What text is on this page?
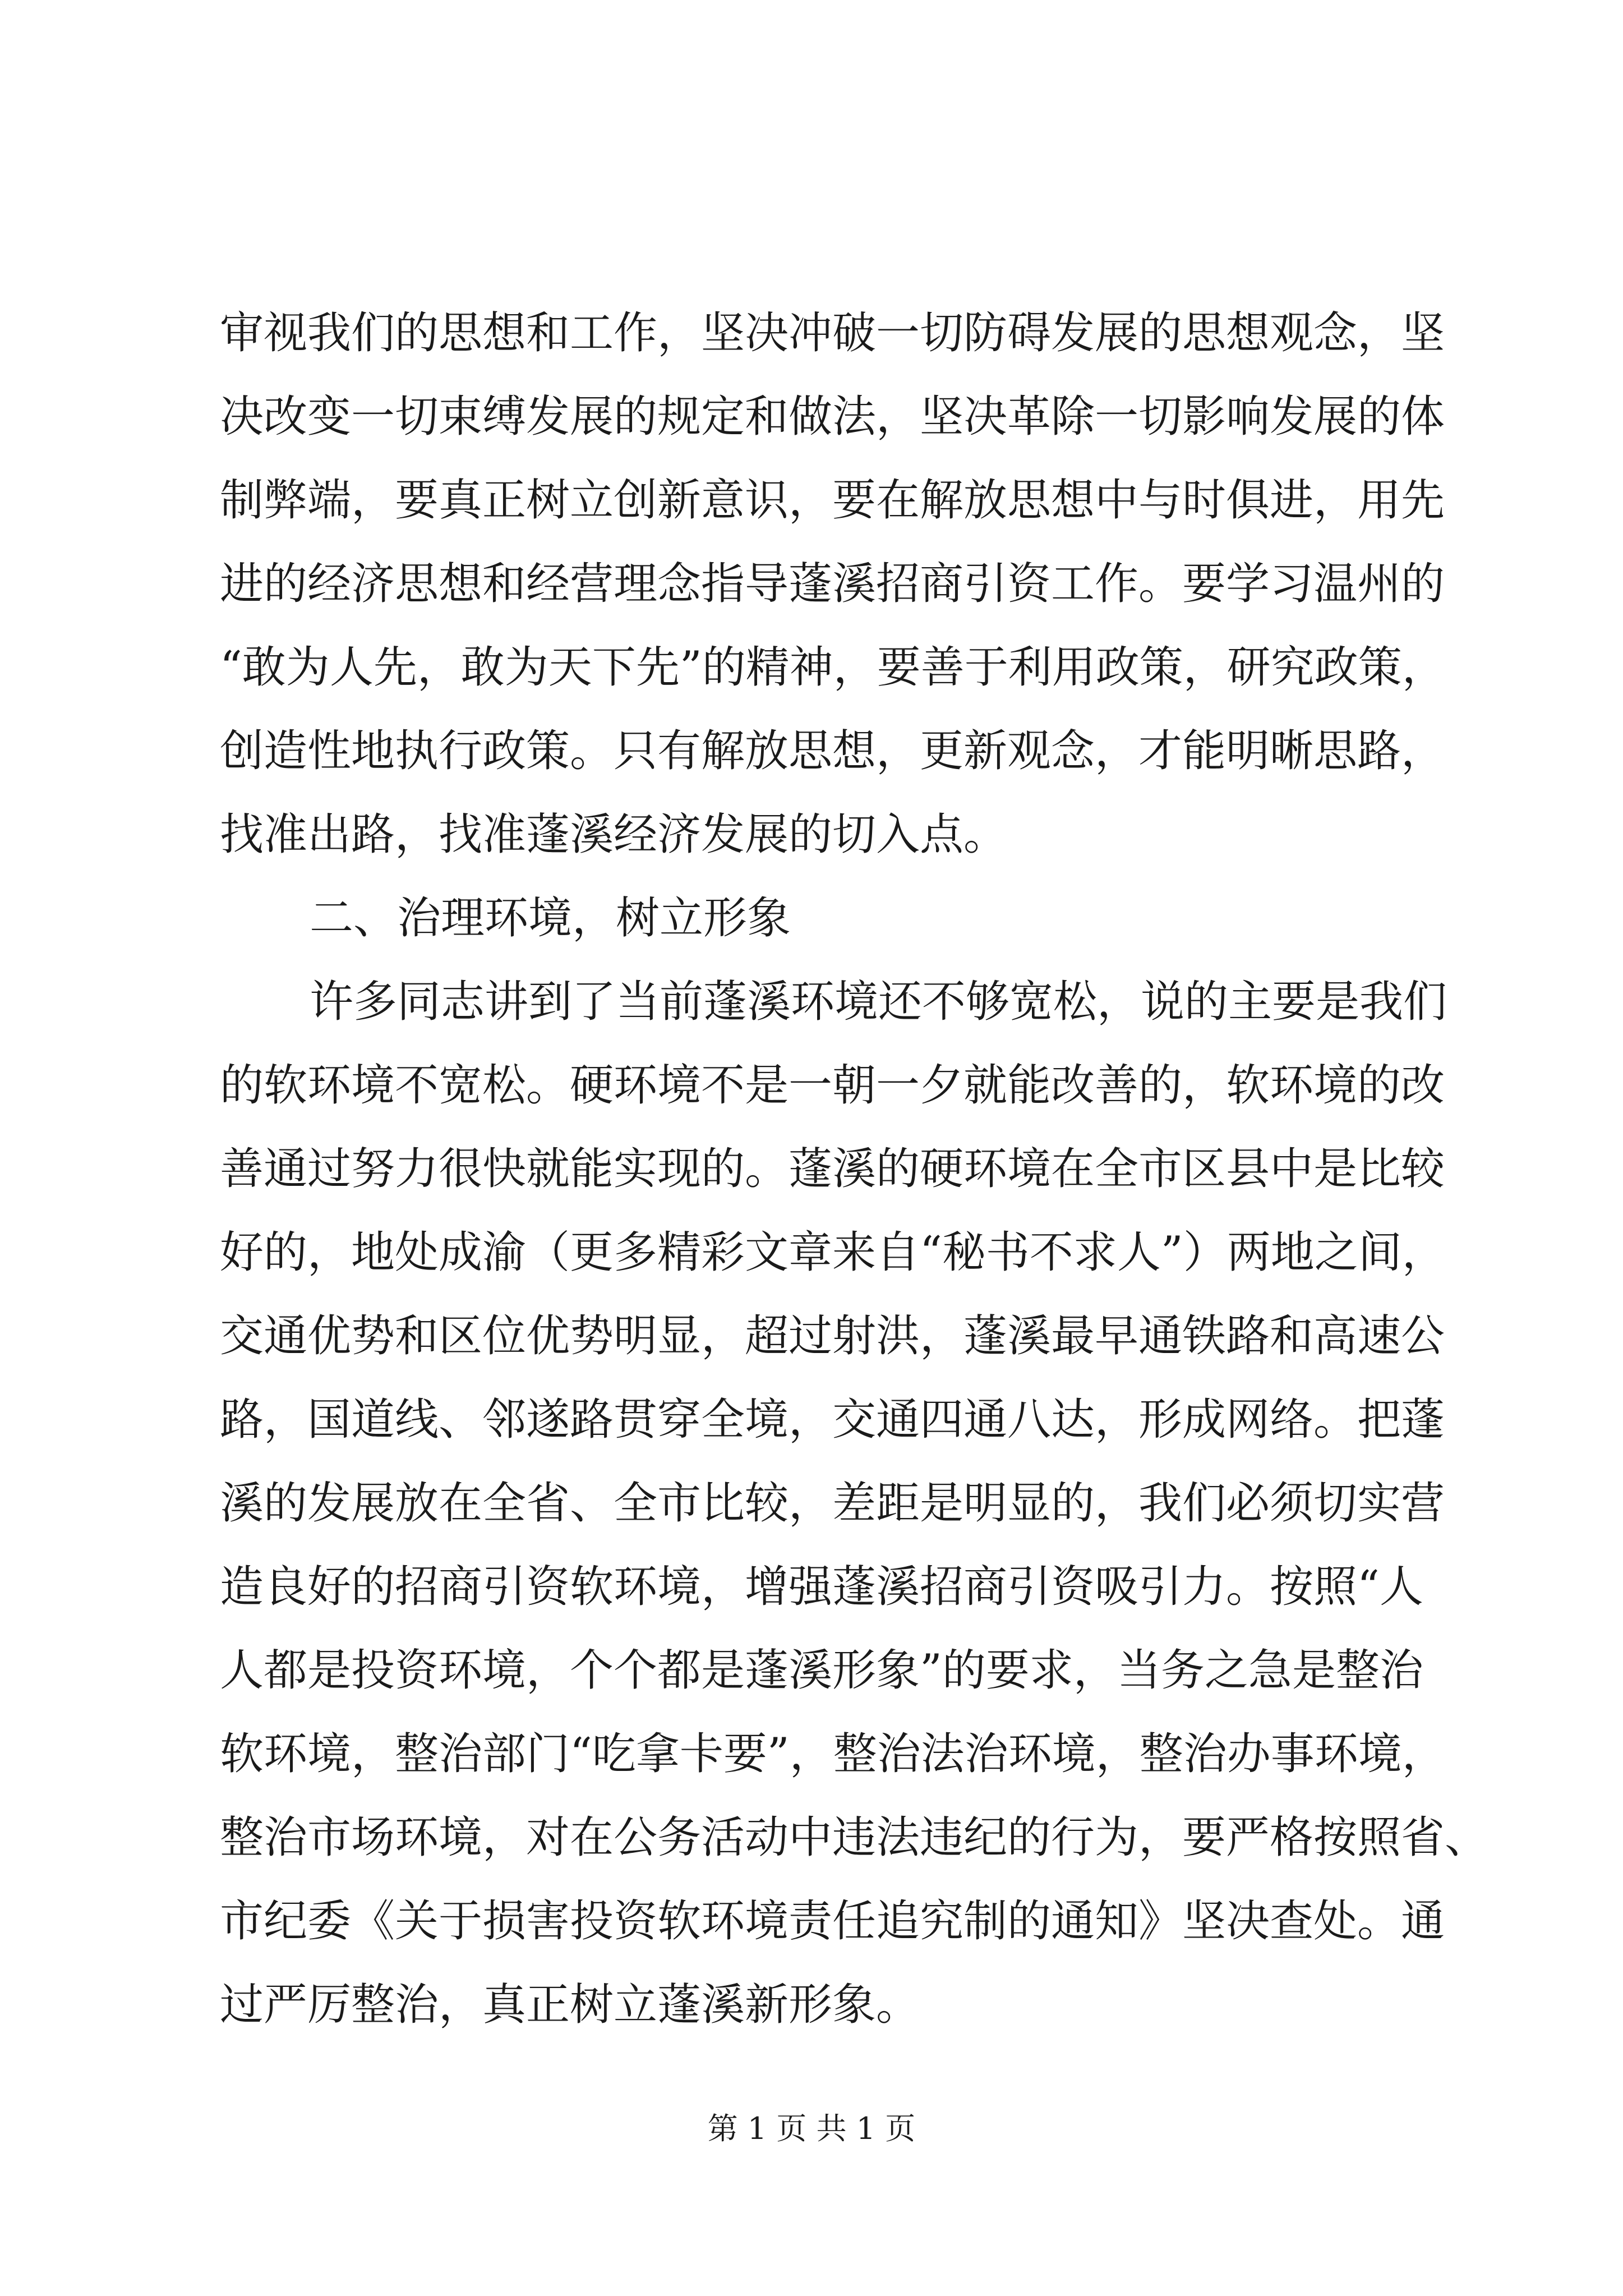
审视我们的思想和工作，坚决冲破一切防碍发展的思想观念，坚
决改变一切束缚发展的规定和做法，坚决革除一切影响发展的体
制弊端，要真正树立创新意识，要在解放思想中与时俱进，用先
进的经济思想和经营理念指导蓬溪招商引资工作。要学习温州的
“敢为人先，敢为天下先”的精神，要善于利用政策，研究政策，
创造性地执行政策。只有解放思想，更新观念，才能明晰思路，
找准出路，找准蓬溪经济发展的切入点。
二、治理环境，树立形象
许多同志讲到了当前蓬溪环境还不够宽松，说的主要是我们
的软环境不宽松。硬环境不是一朝一夕就能改善的，软环境的改
善通过努力很快就能实现的。蓬溪的硬环境在全市区县中是比较
好的，地处成渝（更多精彩文章来自“秘书不求人”）两地之间，
交通优势和区位优势明显，超过射洪，蓬溪最早通铁路和高速公
路，国道线、邻遂路贯穿全境，交通四通八达，形成网络。把蓬
溪的发展放在全省、全市比较，差距是明显的，我们必须切实营
造良好的招商引资软环境，增强蓬溪招商引资吸引力。按照“人
人都是投资环境，个个都是蓬溪形象”的要求，当务之急是整治
软环境，整治部门“吃拿卡要”，整治法治环境，整治办事环境，
整治市场环境，对在公务活动中违法违纪的行为，要严格按照省、
市纪委《关于损害投资软环境责任追究制的通知》坚决查处。通
过严厉整治，真正树立蓬溪新形象。
第 1 页 共 1 页
